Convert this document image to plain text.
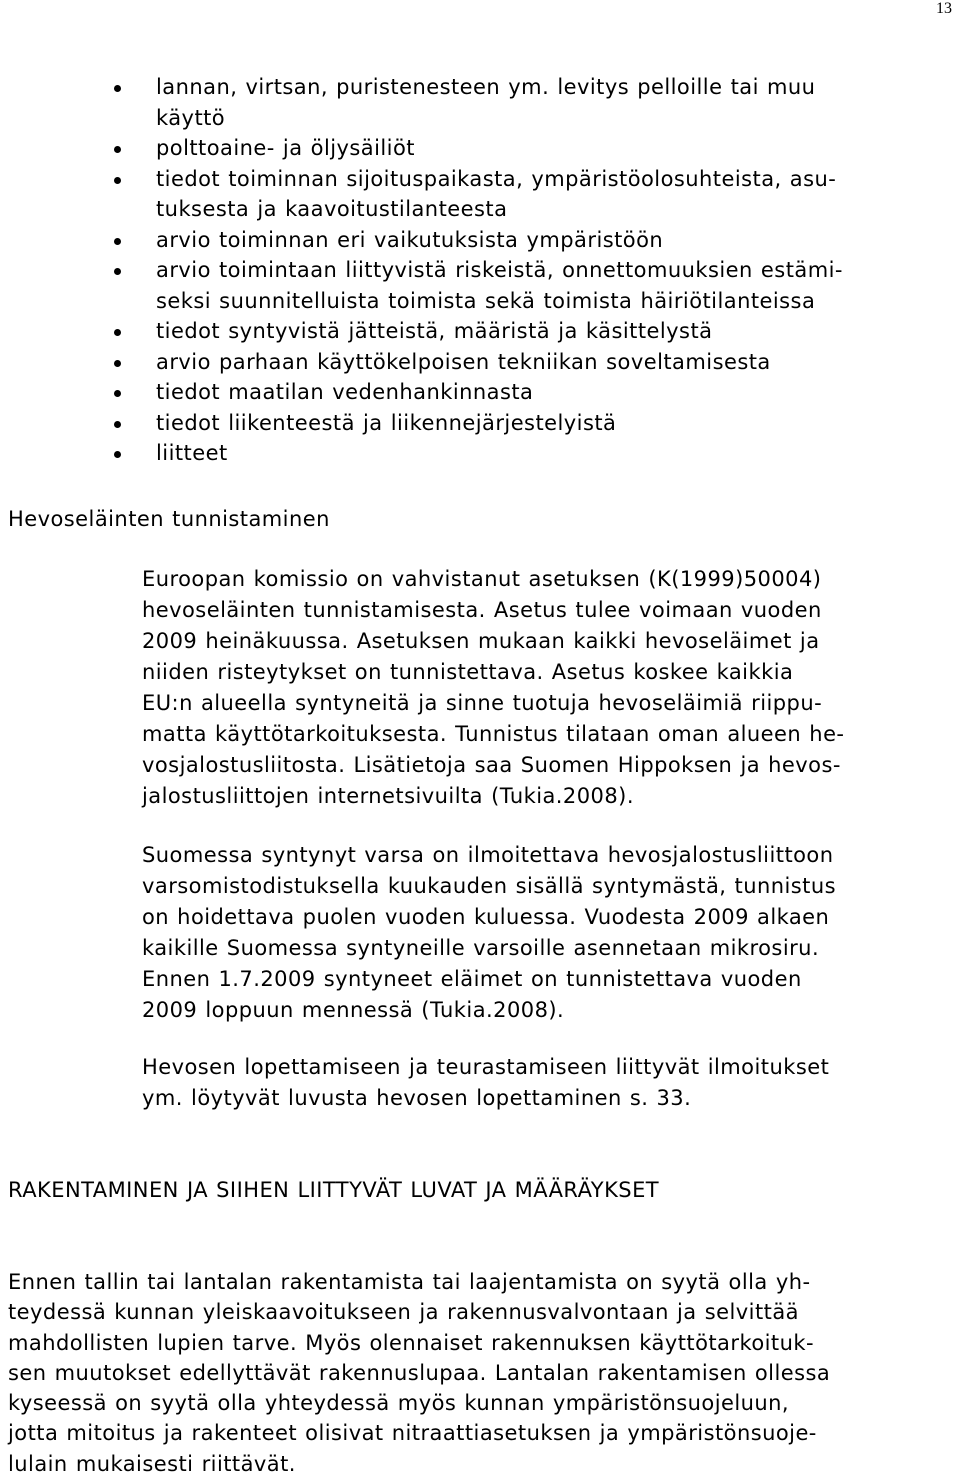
13
lannan, virtsan, puristenesteen ym. levitys pelloille tai muu
käyttö
polttoaine- ja öljysäiliöt
tiedot toiminnan sijoituspaikasta, ympäristöolosuhteista, asu-
tuksesta ja kaavoitustilanteesta
arvio toiminnan eri vaikutuksista ympäristöön
arvio toimintaan liittyvistä riskeistä, onnettomuuksien estämi-
seksi suunnitelluista toimista sekä toimista häiriötilanteissa
tiedot syntyvistä jätteistä, määristä ja käsittelystä
arvio parhaan käyttökelpoisen tekniikan soveltamisesta
tiedot maatilan vedenhankinnasta
tiedot liikenteestä ja liikennejärjestelyistä
liitteet
Hevoseläinten tunnistaminen
Euroopan komissio on vahvistanut asetuksen (K(1999)50004)
hevoseläinten tunnistamisesta. Asetus tulee voimaan vuoden
2009 heinäkuussa. Asetuksen mukaan kaikki hevoseläimet ja
niiden risteytykset on tunnistettava. Asetus koskee kaikkia
EU:n alueella syntyneitä ja sinne tuotuja hevoseläimiä riippu-
matta käyttötarkoituksesta. Tunnistus tilataan oman alueen he-
vosjalostusliitosta. Lisätietoja saa Suomen Hippoksen ja hevos-
jalostusliittojen internetsivuilta (Tukia.2008).
Suomessa syntynyt varsa on ilmoitettava hevosjalostusliittoon
varsomistodistuksella kuukauden sisällä syntymästä, tunnistus
on hoidettava puolen vuoden kuluessa. Vuodesta 2009 alkaen
kaikille Suomessa syntyneille varsoille asennetaan mikrosiru.
Ennen 1.7.2009 syntyneet eläimet on tunnistettava vuoden
2009 loppuun mennessä (Tukia.2008).
Hevosen lopettamiseen ja teurastamiseen liittyvät ilmoitukset
ym. löytyvät luvusta hevosen lopettaminen s. 33.
RAKENTAMINEN JA SIIHEN LIITTYVÄT LUVAT JA MÄÄRÄYKSET
Ennen tallin tai lantalan rakentamista tai laajentamista on syytä olla yh-
teydessä kunnan yleiskaavoitukseen ja rakennusvalvontaan ja selvittää
mahdollisten lupien tarve. Myös olennaiset rakennuksen käyttötarkoituk-
sen muutokset edellyttävät rakennuslupaa. Lantalan rakentamisen ollessa
kyseessä on syytä olla yhteydessä myös kunnan ympäristönsuojeluun,
jotta mitoitus ja rakenteet olisivat nitraattiasetuksen ja ympäristönsuoje-
lulain mukaisesti riittävät.
